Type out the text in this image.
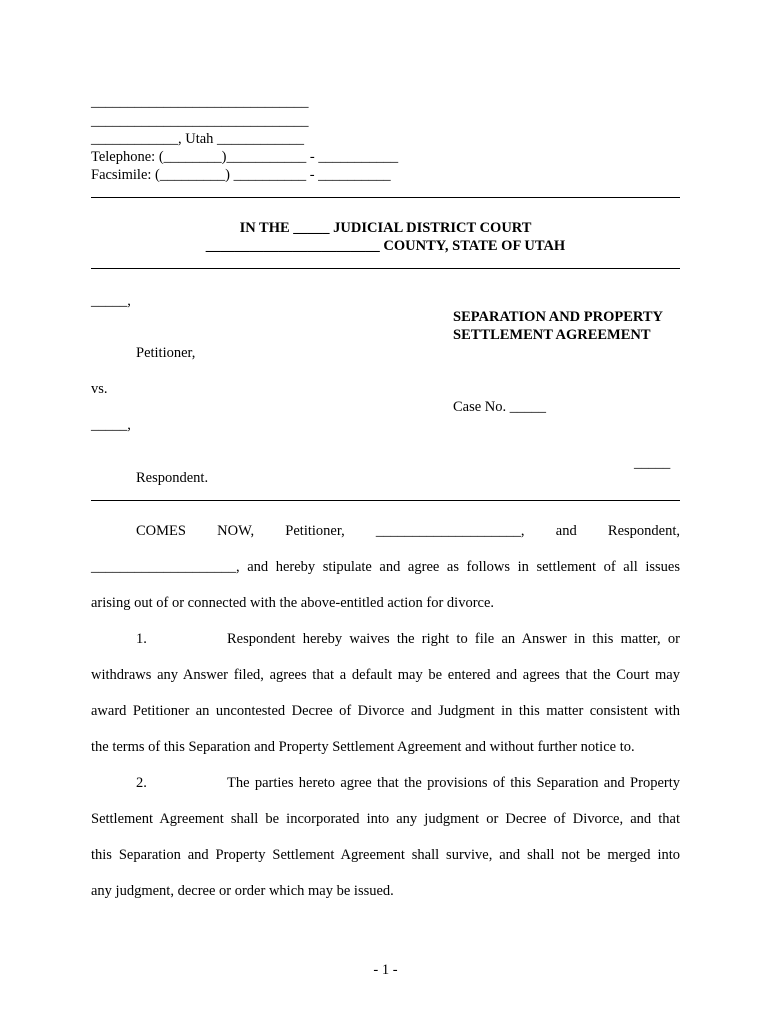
______________________________
______________________________
____________, Utah ____________
Telephone: (________)___________ - ___________
Facsimile: (_________) __________ - __________
IN THE _____ JUDICIAL DISTRICT COURT
________________________ COUNTY, STATE OF UTAH
_____,
Petitioner,
vs.
_____,
Respondent.
SEPARATION AND PROPERTY
SETTLEMENT AGREEMENT
Case No. _____
_____
COMES NOW, Petitioner, ____________________, and Respondent,
____________________, and hereby stipulate and agree as follows in settlement of all issues
arising out of or connected with the above-entitled action for divorce.
1.	Respondent hereby waives the right to file an Answer in this matter, or
withdraws any Answer filed, agrees that a default may be entered and agrees that the Court may
award Petitioner an uncontested Decree of Divorce and Judgment in this matter consistent with
the terms of this Separation and Property Settlement Agreement and without further notice to.
2.	The parties hereto agree that the provisions of this Separation and Property
Settlement Agreement shall be incorporated into any judgment or Decree of Divorce, and that
this Separation and Property Settlement Agreement shall survive, and shall not be merged into
any judgment, decree or order which may be issued.
- 1 -
